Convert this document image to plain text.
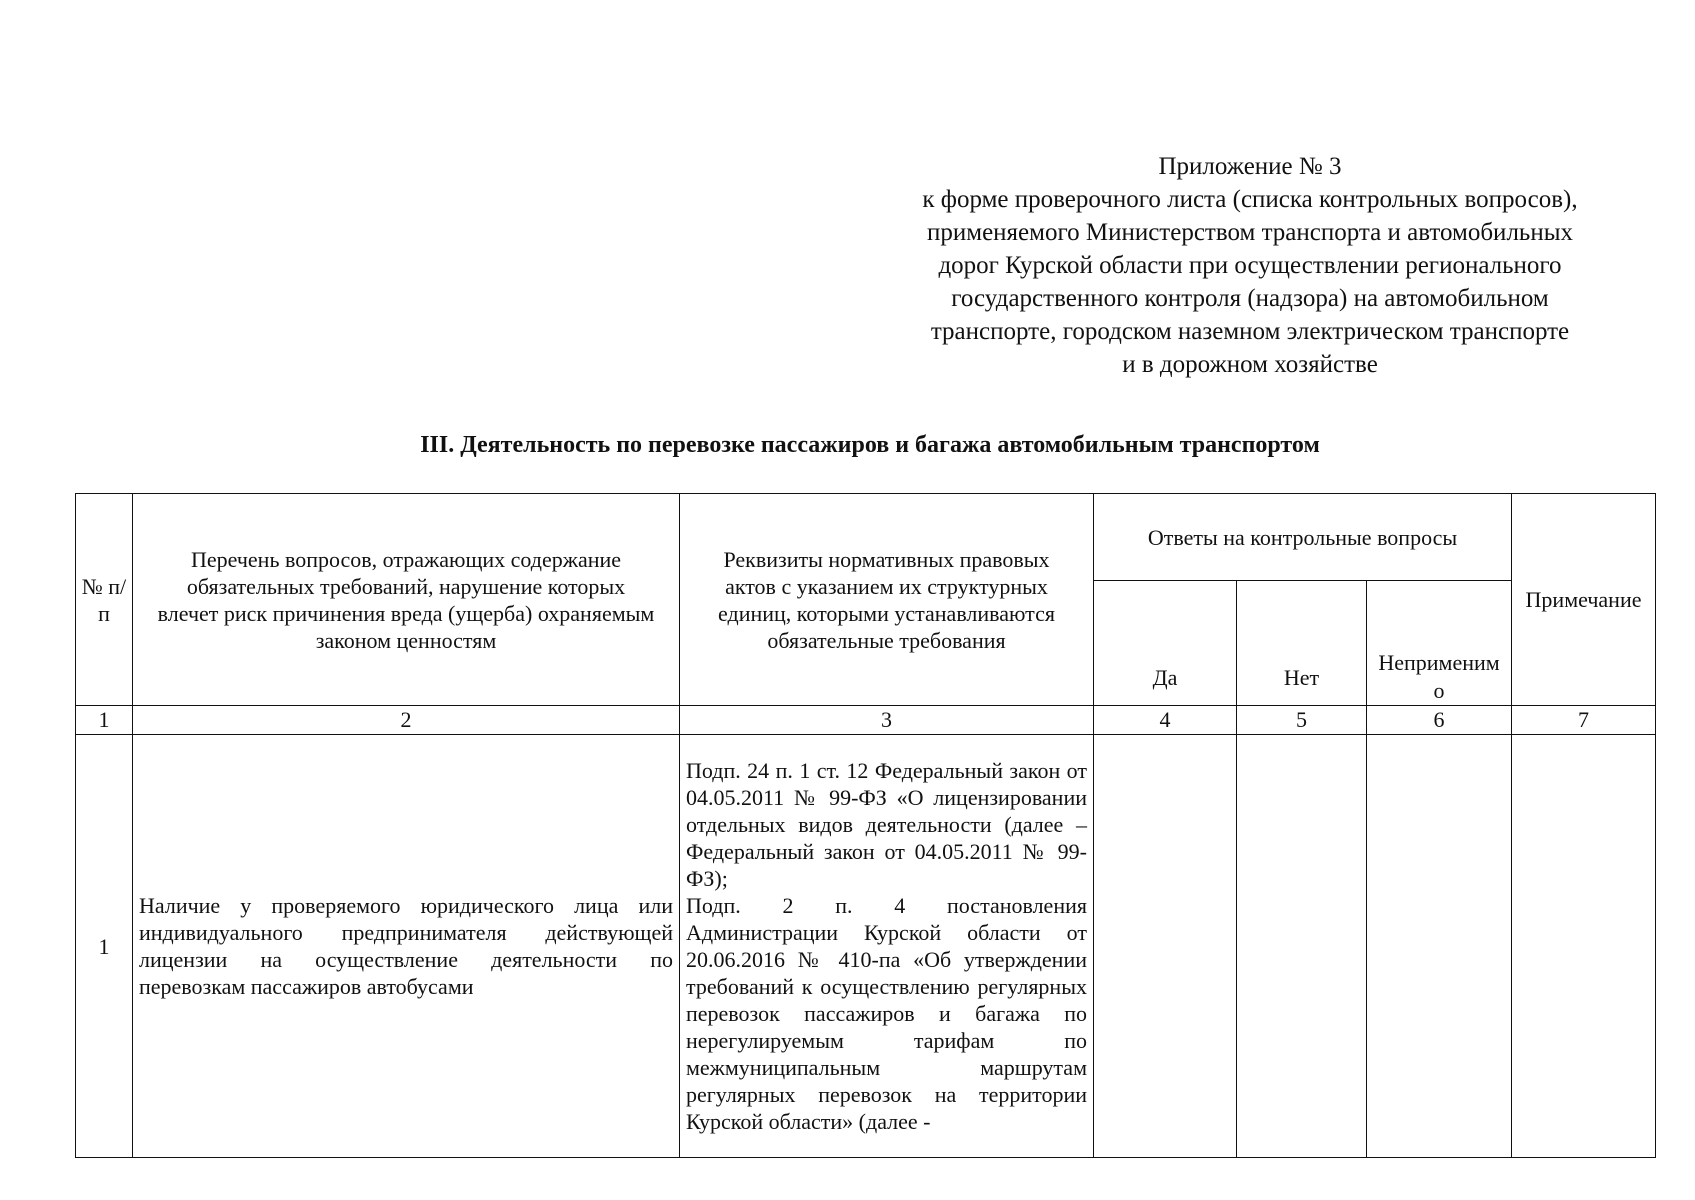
Приложение № 3
к форме проверочного листа (списка контрольных вопросов),
применяемого Министерством транспорта и автомобильных
дорог Курской области при осуществлении регионального
государственного контроля (надзора) на автомобильном
транспорте, городском наземном электрическом транспорте
и в дорожном хозяйстве
III. Деятельность по перевозке пассажиров и багажа автомобильным транспортом
№ п/п	Перечень вопросов, отражающих содержание обязательных требований, нарушение которых влечет риск причинения вреда (ущерба) охраняемым законом ценностям	Реквизиты нормативных правовых актов с указанием их структурных единиц, которыми устанавливаются обязательные требования	Ответы на контрольные вопросы			Примечание
			Да	Нет	Неприменимо	
1	2	3	4	5	6	7
1	Наличие у проверяемого юридического лица или индивидуального предпринимателя действующей лицензии на осуществление деятельности по перевозкам пассажиров автобусами	Подп. 24 п. 1 ст. 12 Федеральный закон от 04.05.2011 № 99-ФЗ «О лицензировании отдельных видов деятельности (далее – Федеральный закон от 04.05.2011 № 99-ФЗ);
Подп. 2 п. 4 постановления Администрации Курской области от 20.06.2016 № 410-па «Об утверждении требований к осуществлению регулярных перевозок пассажиров и багажа по нерегулируемым тарифам по межмуниципальным маршрутам регулярных перевозок на территории Курской области» (далее -				
